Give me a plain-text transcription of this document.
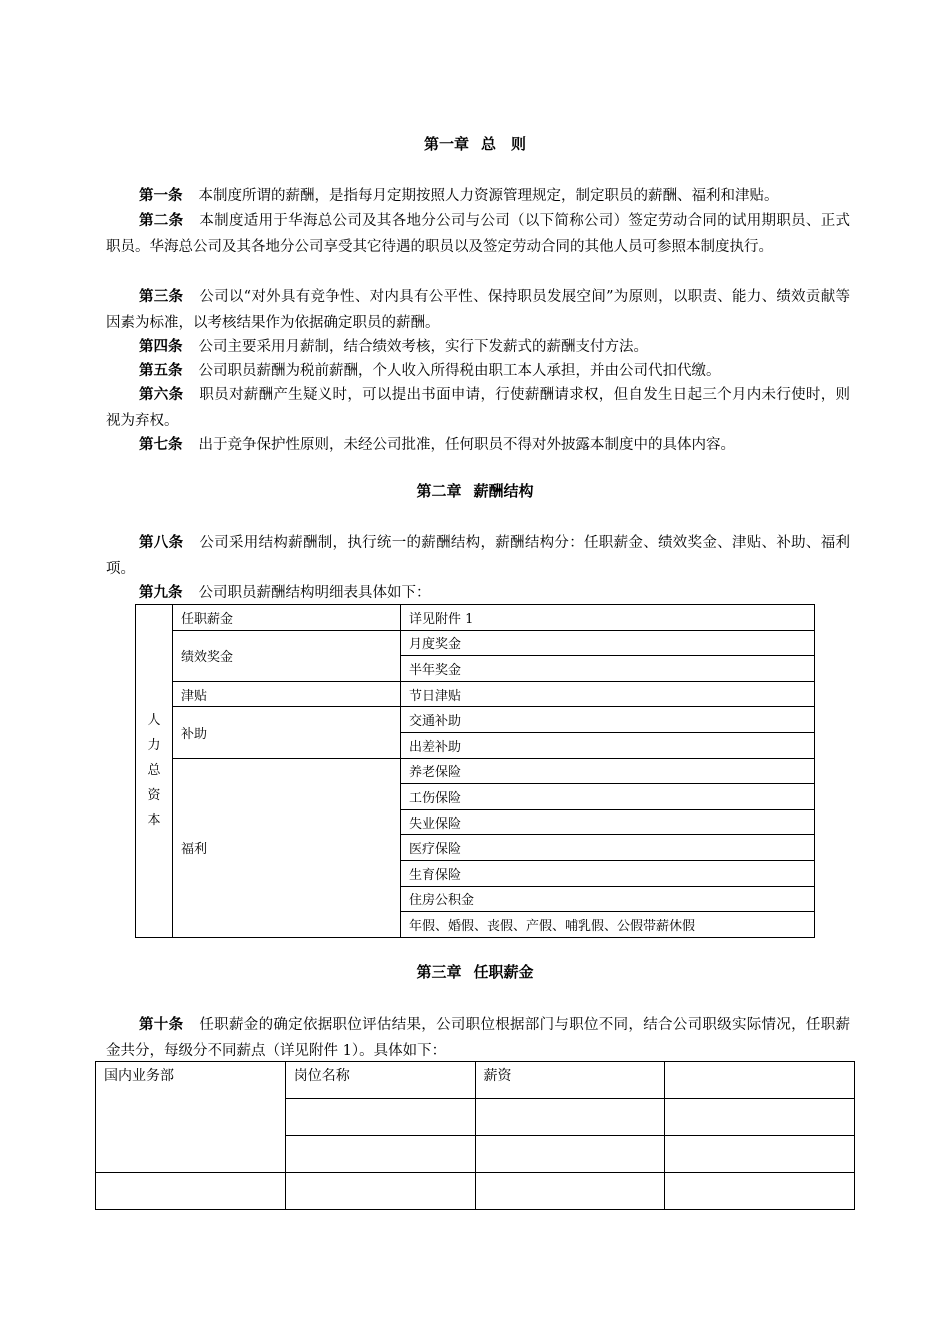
第一章 总　则

第一条 本制度所谓的薪酬，是指每月定期按照人力资源管理规定，制定职员的薪酬、福利和津贴。

第二条 本制度适用于华海总公司及其各地分公司与公司（以下简称公司）签定劳动合同的试用期职员、正式职员。华海总公司及其各地分公司享受其它待遇的职员以及签定劳动合同的其他人员可参照本制度执行。

第三条 公司以“对外具有竞争性、对内具有公平性、保持职员发展空间”为原则，以职责、能力、绩效贡献等因素为标准，以考核结果作为依据确定职员的薪酬。

第四条 公司主要采用月薪制，结合绩效考核，实行下发薪式的薪酬支付方法。

第五条 公司职员薪酬为税前薪酬，个人收入所得税由职工本人承担，并由公司代扣代缴。

第六条 职员对薪酬产生疑义时，可以提出书面申请，行使薪酬请求权，但自发生日起三个月内未行使时，则视为弃权。

第七条 出于竞争保护性原则，未经公司批准，任何职员不得对外披露本制度中的具体内容。

第二章 薪酬结构

第八条 公司采用结构薪酬制，执行统一的薪酬结构，薪酬结构分：任职薪金、绩效奖金、津贴、补助、福利项。

第九条 公司职员薪酬结构明细表具体如下：

人
力
总
资
本	任职薪金	详见附件 1
	绩效奖金	月度奖金
		半年奖金
	津贴	节日津贴
	补助	交通补助
		出差补助
	福利	养老保险
		工伤保险
		失业保险
		医疗保险
		生育保险
		住房公积金
		年假、婚假、丧假、产假、哺乳假、公假带薪休假
第三章 任职薪金

第十条 任职薪金的确定依据职位评估结果，公司职位根据部门与职位不同，结合公司职级实际情况，任职薪金共分，每级分不同薪点（详见附件 1）。具体如下：

国内业务部	岗位名称	薪资	
